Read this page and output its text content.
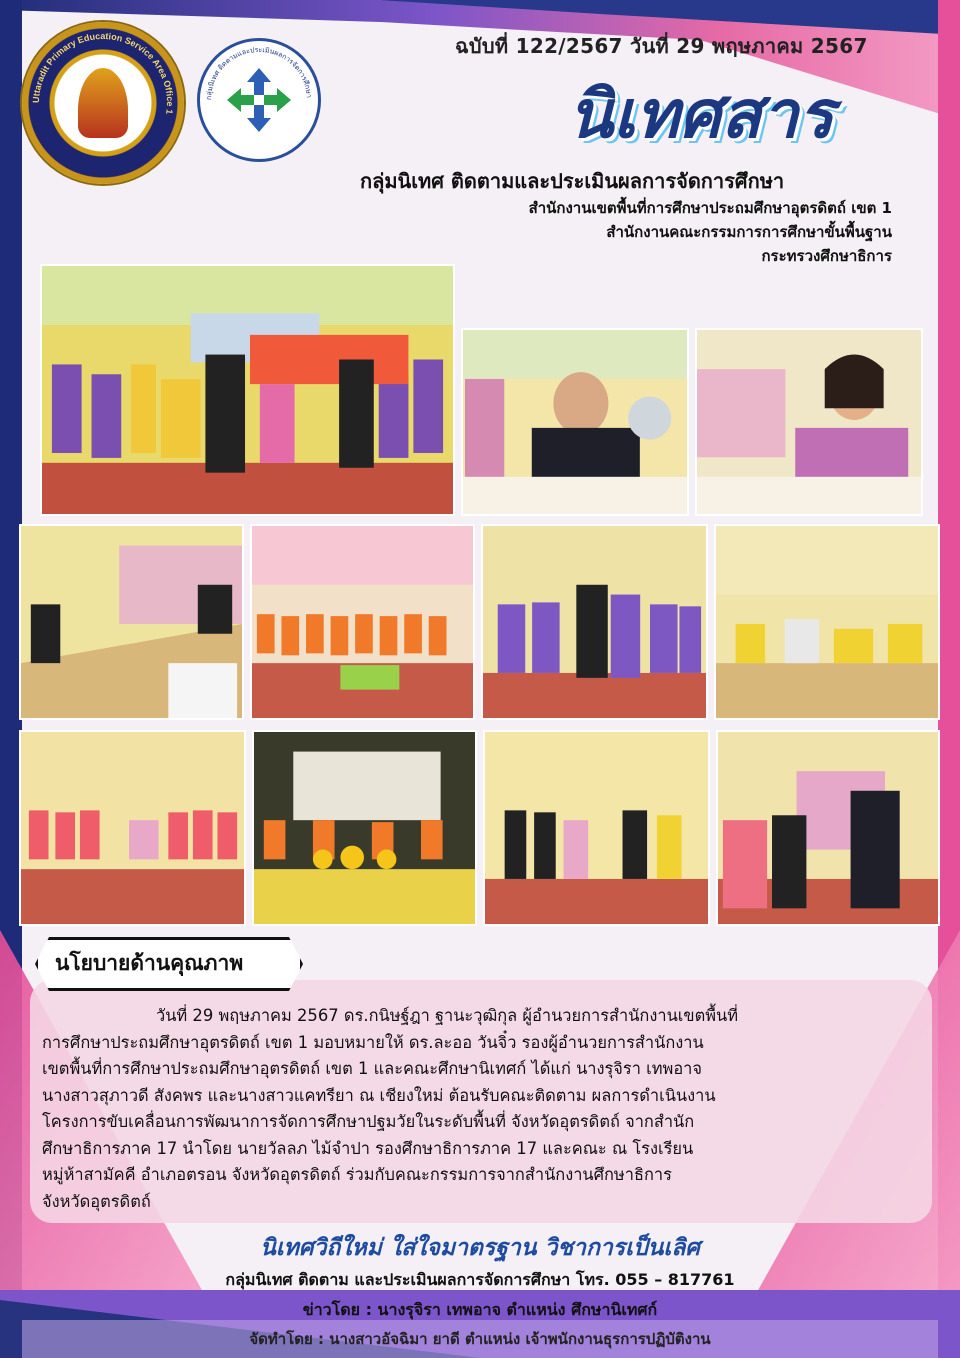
Uttaradit Primary Education Service Area Office 1
กลุ่มนิเทศ ติดตามและประเมินผลการจัดการศึกษา
ฉบับที่ 122/2567 วันที่ 29 พฤษภาคม 2567
นิเทศสาร
กลุ่มนิเทศ ติดตามและประเมินผลการจัดการศึกษา
สำนักงานเขตพื้นที่การศึกษาประถมศึกษาอุตรดิตถ์ เขต 1
สำนักงานคณะกรรมการการศึกษาขั้นพื้นฐาน
กระทรวงศึกษาธิการ
นโยบายด้านคุณภาพ
วันที่ 29 พฤษภาคม 2567 ดร.กนิษฐ์ฎา ฐานะวุฒิกุล ผู้อำนวยการสำนักงานเขตพื้นที่
การศึกษาประถมศึกษาอุตรดิตถ์ เขต 1 มอบหมายให้ ดร.ละออ วันจิ๋ว รองผู้อำนวยการสำนักงาน
เขตพื้นที่การศึกษาประถมศึกษาอุตรดิตถ์ เขต 1 และคณะศึกษานิเทศก์ ได้แก่ นางรุจิรา เทพอาจ
นางสาวสุภาวดี สังคพร และนางสาวแคทรียา ณ เชียงใหม่ ต้อนรับคณะติดตาม ผลการดำเนินงาน
โครงการขับเคลื่อนการพัฒนาการจัดการศึกษาปฐมวัยในระดับพื้นที่ จังหวัดอุตรดิตถ์ จากสำนัก
ศึกษาธิการภาค 17 นำโดย นายวัลลภ ไม้จำปา รองศึกษาธิการภาค 17 และคณะ ณ โรงเรียน
หมู่ห้าสามัคคี อำเภอตรอน จังหวัดอุตรดิตถ์ ร่วมกับคณะกรรมการจากสำนักงานศึกษาธิการ
จังหวัดอุตรดิตถ์
นิเทศวิถีใหม่ ใส่ใจมาตรฐาน วิชาการเป็นเลิศ
กลุ่มนิเทศ ติดตาม และประเมินผลการจัดการศึกษา โทร. 055 – 817761
ข่าวโดย : นางรุจิรา เทพอาจ ตำแหน่ง ศึกษานิเทศก์
จัดทำโดย : นางสาวอัจฉิมา ยาดี ตำแหน่ง เจ้าพนักงานธุรการปฏิบัติงาน
